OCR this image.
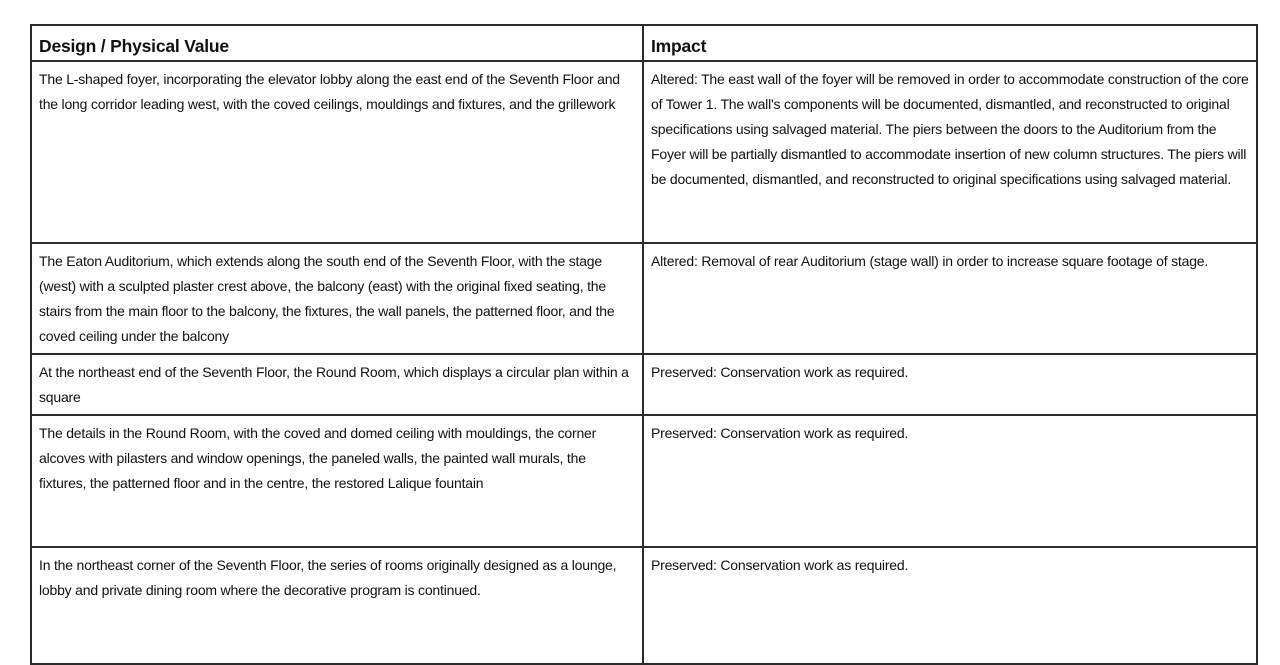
Design / Physical Value	Impact
The L-shaped foyer, incorporating the elevator lobby along the east end of the Seventh Floor and the long corridor leading west, with the coved ceilings, mouldings and fixtures, and the grillework	Altered: The east wall of the foyer will be removed in order to accommodate construction of the core of Tower 1. The wall's components will be documented, dismantled, and reconstructed to original specifications using salvaged material. The piers between the doors to the Auditorium from the Foyer will be partially dismantled to accommodate insertion of new column structures. The piers will be documented, dismantled, and reconstructed to original specifications using salvaged material.
The Eaton Auditorium, which extends along the south end of the Seventh Floor, with the stage (west) with a sculpted plaster crest above, the balcony (east) with the original fixed seating, the stairs from the main floor to the balcony, the fixtures, the wall panels, the patterned floor, and the coved ceiling under the balcony	Altered: Removal of rear Auditorium (stage wall) in order to increase square footage of stage.
At the northeast end of the Seventh Floor, the Round Room, which displays a circular plan within a square	Preserved: Conservation work as required.
The details in the Round Room, with the coved and domed ceiling with mouldings, the corner alcoves with pilasters and window openings, the paneled walls, the painted wall murals, the fixtures, the patterned floor and in the centre, the restored Lalique fountain	Preserved: Conservation work as required.
In the northeast corner of the Seventh Floor, the series of rooms originally designed as a lounge, lobby and private dining room where the decorative program is continued.	Preserved: Conservation work as required.
